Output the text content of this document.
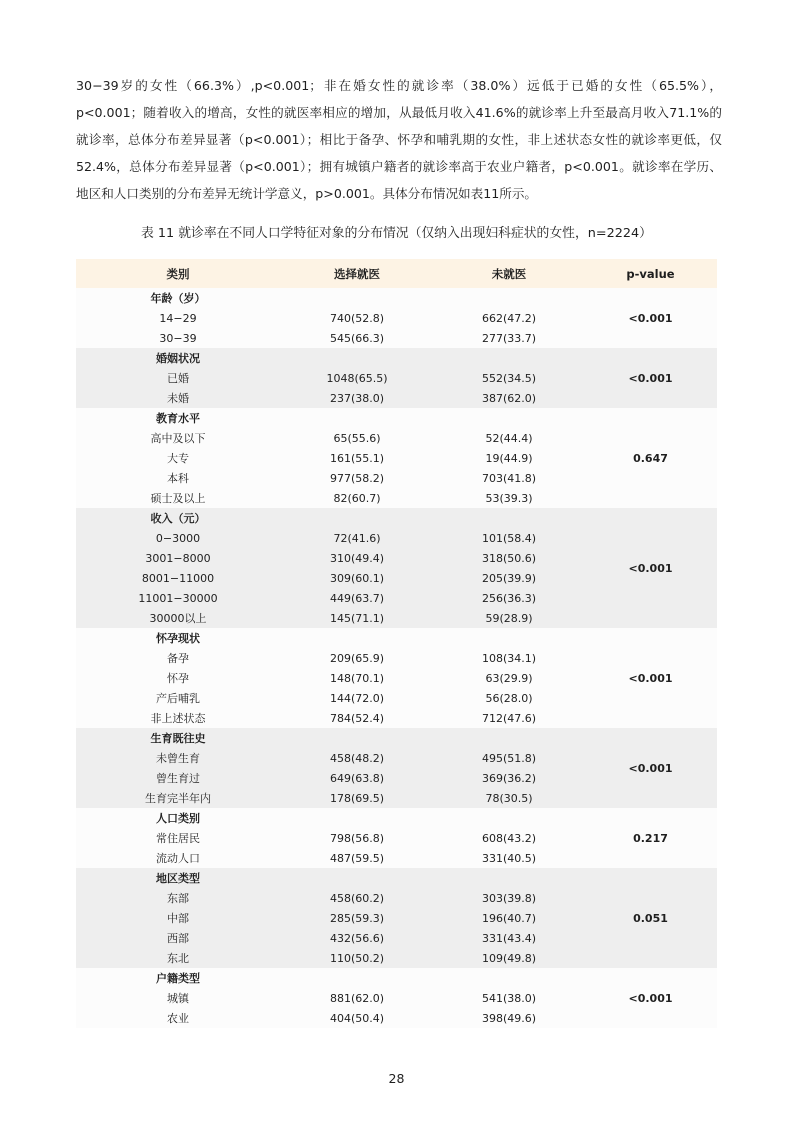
30−39岁的女性（66.3%）,p<0.001；非在婚女性的就诊率（38.0%）远低于已婚的女性（65.5%），p<0.001；随着收入的增高，女性的就医率相应的增加，从最低月收入41.6%的就诊率上升至最高月收入71.1%的就诊率，总体分布差异显著（p<0.001）；相比于备孕、怀孕和哺乳期的女性，非上述状态女性的就诊率更低，仅52.4%，总体分布差异显著（p<0.001）；拥有城镇户籍者的就诊率高于农业户籍者，p<0.001。就诊率在学历、地区和人口类别的分布差异无统计学意义，p>0.001。具体分布情况如表11所示。

表 11 就诊率在不同人口学特征对象的分布情况（仅纳入出现妇科症状的女性，n=2224）

类别	选择就医	未就医	p-value
年龄（岁）			<0.001
14−29	740(52.8)	662(47.2)	
30−39	545(66.3)	277(33.7)	
婚姻状况			<0.001
已婚	1048(65.5)	552(34.5)	
未婚	237(38.0)	387(62.0)	
教育水平			0.647
高中及以下	65(55.6)	52(44.4)	
大专	161(55.1)	19(44.9)	
本科	977(58.2)	703(41.8)	
硕士及以上	82(60.7)	53(39.3)	
收入（元）			<0.001
0−3000	72(41.6)	101(58.4)	
3001−8000	310(49.4)	318(50.6)	
8001−11000	309(60.1)	205(39.9)	
11001−30000	449(63.7)	256(36.3)	
30000以上	145(71.1)	59(28.9)	
怀孕现状			<0.001
备孕	209(65.9)	108(34.1)	
怀孕	148(70.1)	63(29.9)	
产后哺乳	144(72.0)	56(28.0)	
非上述状态	784(52.4)	712(47.6)	
生育既往史			<0.001
未曾生育	458(48.2)	495(51.8)	
曾生育过	649(63.8)	369(36.2)	
生育完半年内	178(69.5)	78(30.5)	
人口类别			0.217
常住居民	798(56.8)	608(43.2)	
流动人口	487(59.5)	331(40.5)	
地区类型			0.051
东部	458(60.2)	303(39.8)	
中部	285(59.3)	196(40.7)	
西部	432(56.6)	331(43.4)	
东北	110(50.2)	109(49.8)	
户籍类型			<0.001
城镇	881(62.0)	541(38.0)	
农业	404(50.4)	398(49.6)	
28
